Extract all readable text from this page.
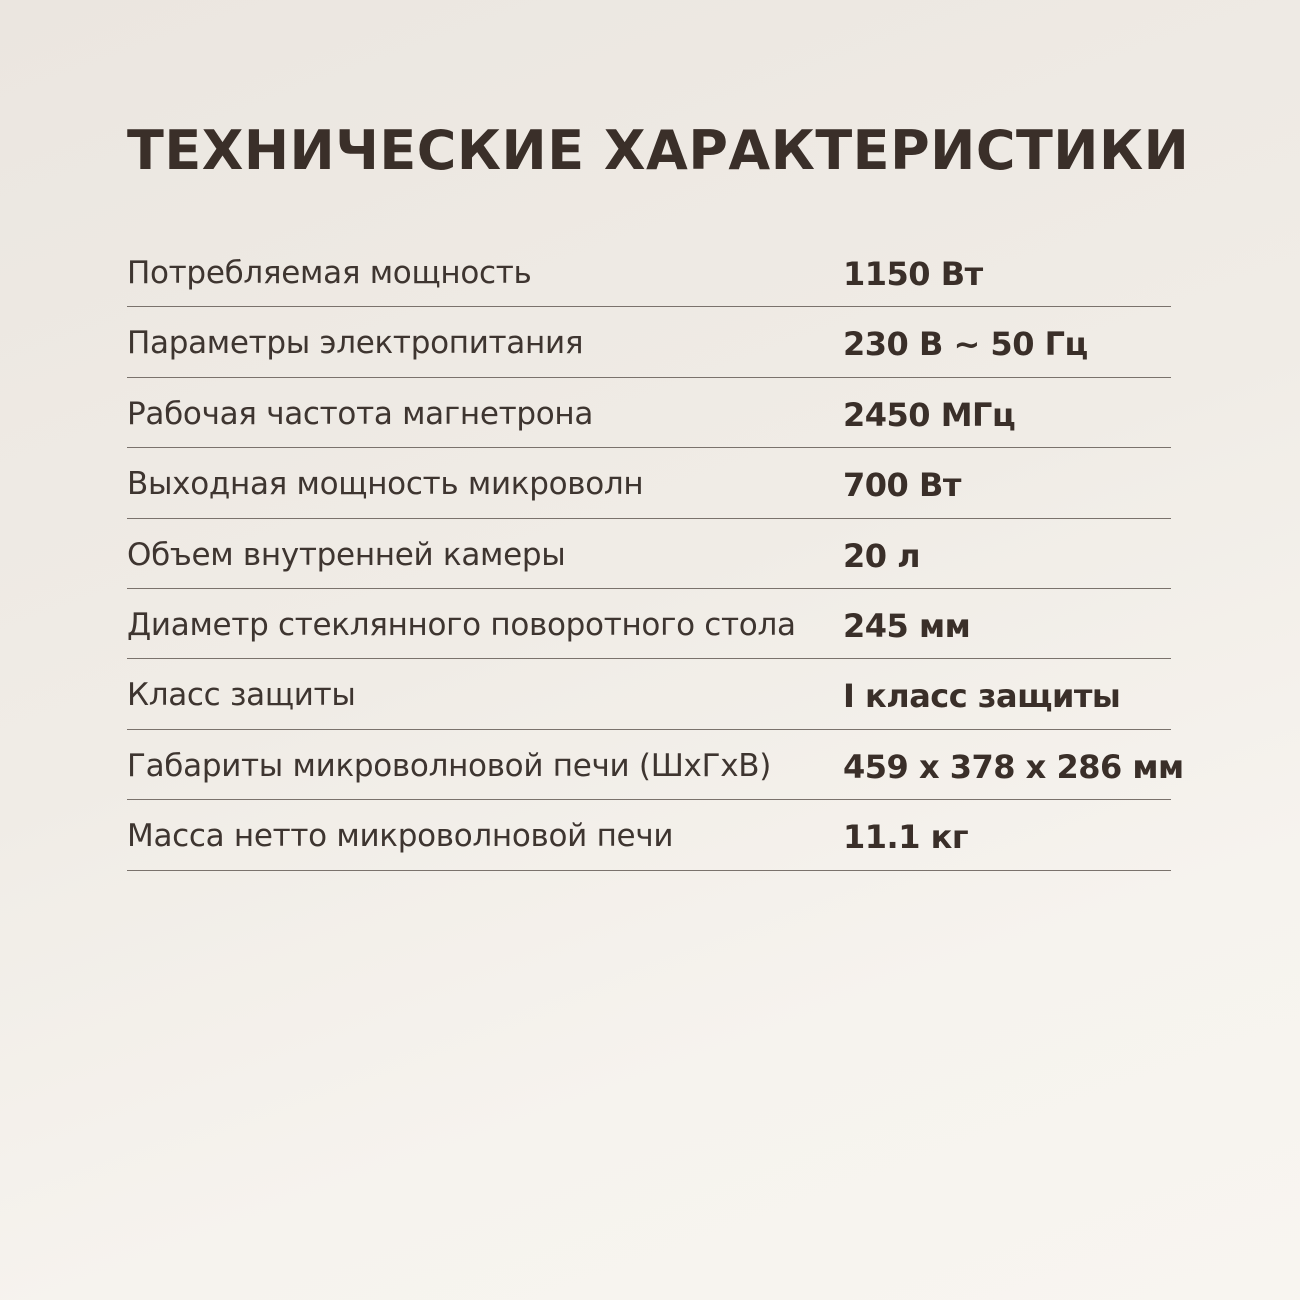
ТЕХНИЧЕСКИЕ ХАРАКТЕРИСТИКИ
Потребляемая мощность	1150 Вт
Параметры электропитания	230 В ~ 50 Гц
Рабочая частота магнетрона	2450 МГц
Выходная мощность микроволн	700 Вт
Объем внутренней камеры	20 л
Диаметр стеклянного поворотного стола 245 мм
Класс защиты	I класс защиты
Габариты микроволновой печи (ШхГхВ) 459 x 378 x 286 мм
Масса нетто микроволновой печи	11.1 кг
